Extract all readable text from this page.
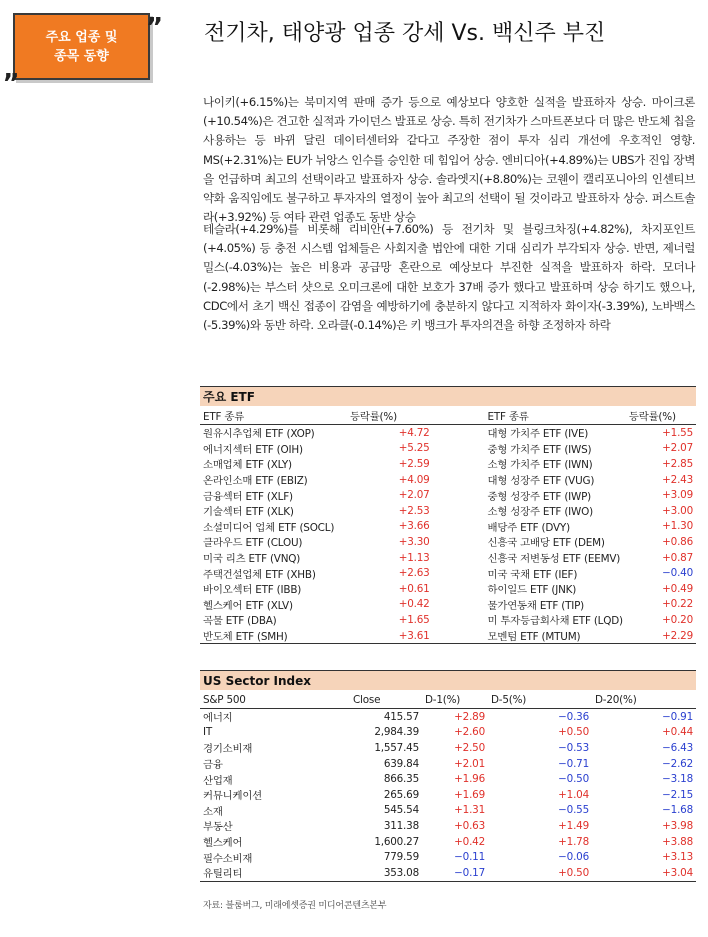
주요 업종 및
종목 동향
„
” 전기차, 태양광 업종 강세 Vs. 백신주 부진
나이키(+6.15%)는 북미지역 판매 증가 등으로 예상보다 양호한 실적을 발표하자 상승. 마이크론(+10.54%)은 견고한 실적과 가이던스 발표로 상승. 특히 전기차가 스마트폰보다 더 많은 반도체 칩을 사용하는 등 바뀌 달린 데이터센터와 같다고 주장한 점이 투자 심리 개선에 우호적인 영향. MS(+2.31%)는 EU가 뉘앙스 인수를 승인한 데 힘입어 상승. 엔비디아(+4.89%)는 UBS가 진입 장벽을 언급하며 최고의 선택이라고 발표하자 상승. 솔라엣지(+8.80%)는 코웬이 캘리포니아의 인센티브 약화 움직임에도 불구하고 투자자의 열정이 높아 최고의 선택이 될 것이라고 발표하자 상승. 퍼스트솔라(+3.92%) 등 여타 관련 업종도 동반 상승
테슬라(+4.29%)를 비롯해 리비안(+7.60%) 등 전기차 및 블링크차징(+4.82%), 차지포인트(+4.05%) 등 충전 시스템 업체들은 사회지출 법안에 대한 기대 심리가 부각되자 상승. 반면, 제너럴 밀스(-4.03%)는 높은 비용과 공급망 혼란으로 예상보다 부진한 실적을 발표하자 하락. 모더나(-2.98%)는 부스터 샷으로 오미크론에 대한 보호가 37배 증가 했다고 발표하며 상승 하기도 했으나, CDC에서 초기 백신 접종이 감염을 예방하기에 충분하지 않다고 지적하자 화이자(-3.39%), 노바백스(-5.39%)와 동반 하락. 오라클(-0.14%)은 키 뱅크가 투자의견을 하향 조정하자 하락
주요 ETF
ETF 종류	등락률(%)	ETF 종류	등락률(%)
원유시추업체 ETF (XOP)	+4.72	대형 가치주 ETF (IVE)	+1.55
에너지섹터 ETF (OIH)	+5.25	중형 가치주 ETF (IWS)	+2.07
소매업체 ETF (XLY)	+2.59	소형 가치주 ETF (IWN)	+2.85
온라인소매 ETF (EBIZ)	+4.09	대형 성장주 ETF (VUG)	+2.43
금융섹터 ETF (XLF)	+2.07	중형 성장주 ETF (IWP)	+3.09
기술섹터 ETF (XLK)	+2.53	소형 성장주 ETF (IWO)	+3.00
소셜미디어 업체 ETF (SOCL)	+3.66	배당주 ETF (DVY)	+1.30
클라우드 ETF (CLOU)	+3.30	신흥국 고배당 ETF (DEM)	+0.86
미국 리츠 ETF (VNQ)	+1.13	신흥국 저변동성 ETF (EEMV)	+0.87
주택건설업체 ETF (XHB)	+2.63	미국 국채 ETF (IEF)	−0.40
바이오섹터 ETF (IBB)	+0.61	하이일드 ETF (JNK)	+0.49
헬스케어 ETF (XLV)	+0.42	물가연동채 ETF (TIP)	+0.22
곡물 ETF (DBA)	+1.65	미 투자등급회사채 ETF (LQD)	+0.20
반도체 ETF (SMH)	+3.61	모멘텀 ETF (MTUM)	+2.29
US Sector Index
S&P 500	Close	D-1(%)	D-5(%)	D-20(%)
에너지	415.57	+2.89	−0.36	−0.91
IT	2,984.39	+2.60	+0.50	+0.44
경기소비재	1,557.45	+2.50	−0.53	−6.43
금융	639.84	+2.01	−0.71	−2.62
산업재	866.35	+1.96	−0.50	−3.18
커뮤니케이션	265.69	+1.69	+1.04	−2.15
소재	545.54	+1.31	−0.55	−1.68
부동산	311.38	+0.63	+1.49	+3.98
헬스케어	1,600.27	+0.42	+1.78	+3.88
필수소비재	779.59	−0.11	−0.06	+3.13
유틸리티	353.08	−0.17	+0.50	+3.04
자료: 블룸버그, 미래에셋증권 미디어콘텐츠본부
